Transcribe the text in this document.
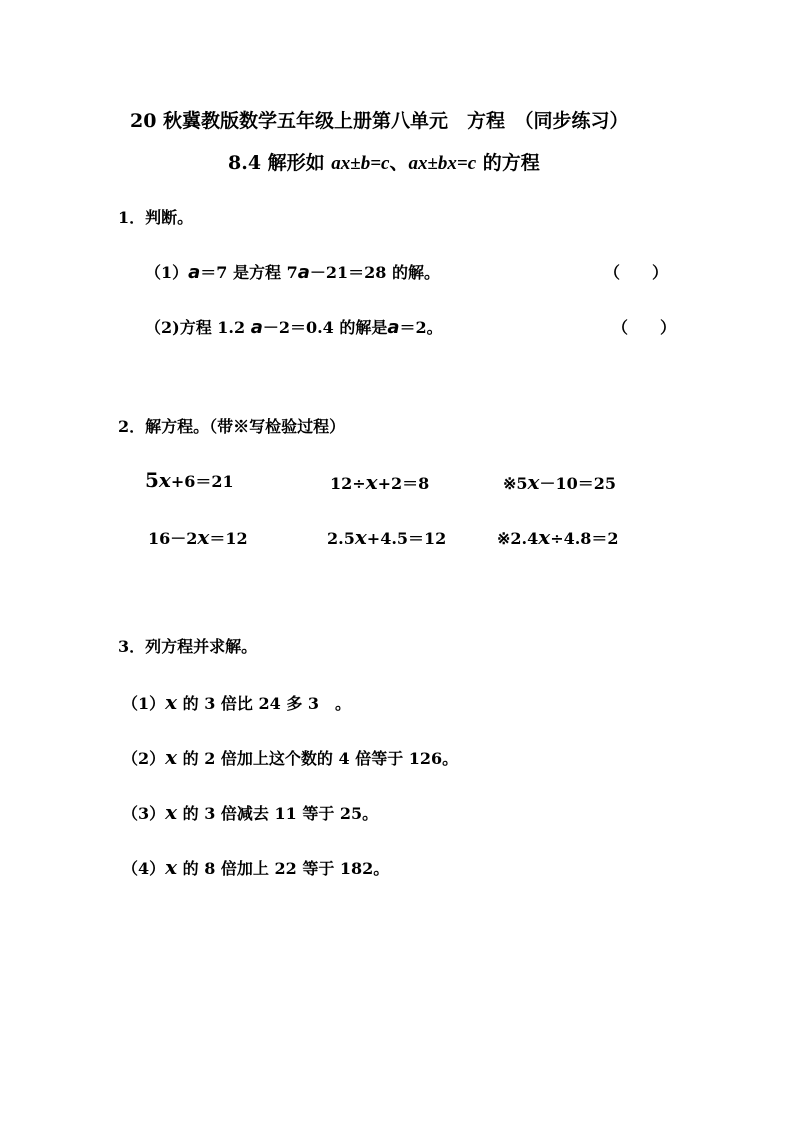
20 秋冀教版数学五年级上册第八单元　方程　（同步练习）
8.4 解形如 ax±b=c、ax±bx=c 的方程
1．判断。
（1）a＝7 是方程 7a－21＝28 的解。	（　　）
（2)方程 1.2 a－2＝0.4 的解是a＝2。	（　　）
2．解方程。（带※写检验过程）
5x+6＝21	12÷x+2＝8	※5x－10＝25
16－2x＝12	2.5x+4.5＝12	※2.4x÷4.8＝2
3．列方程并求解。
（1）x 的 3 倍比 24 多 3　。
（2）x 的 2 倍加上这个数的 4 倍等于 126。
（3）x 的 3 倍减去 11 等于 25。
（4）x 的 8 倍加上 22 等于 182。
